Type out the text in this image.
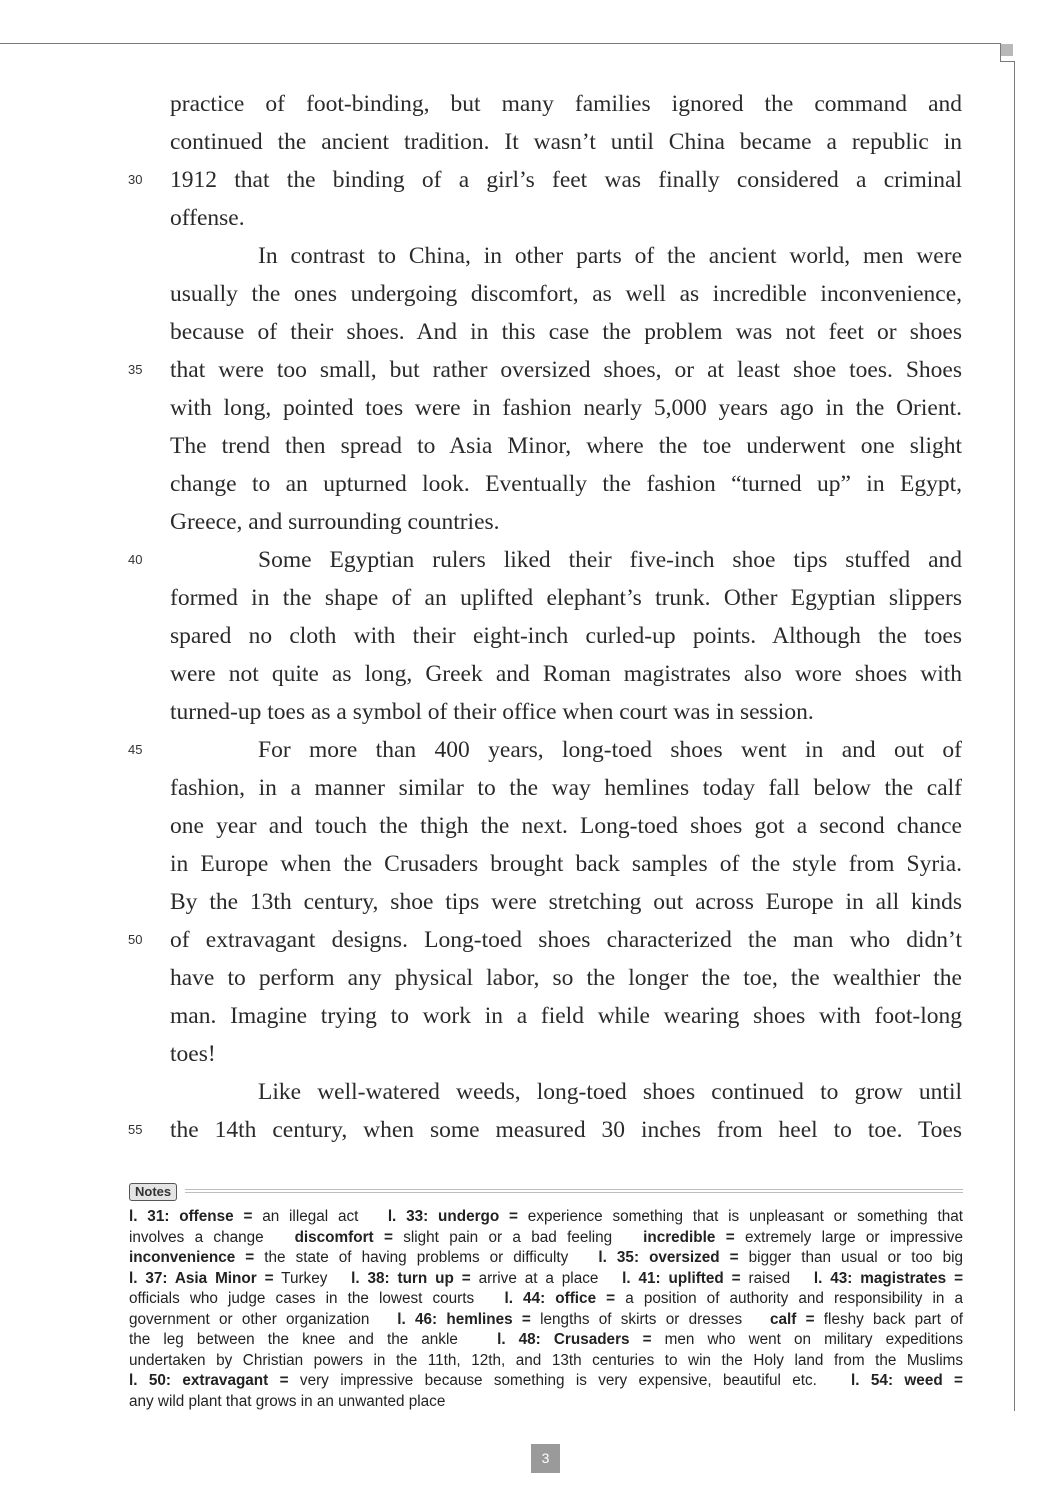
practice of foot-binding, but many families ignored the command and
continued the ancient tradition. It wasn’t until China became a republic in
30 1912 that the binding of a girl’s feet was finally considered a criminal
offense.
In contrast to China, in other parts of the ancient world, men were
usually the ones undergoing discomfort, as well as incredible inconvenience,
because of their shoes. And in this case the problem was not feet or shoes
35 that were too small, but rather oversized shoes, or at least shoe toes. Shoes
with long, pointed toes were in fashion nearly 5,000 years ago in the Orient.
The trend then spread to Asia Minor, where the toe underwent one slight
change to an upturned look. Eventually the fashion “turned up” in Egypt,
Greece, and surrounding countries.
40	Some Egyptian rulers liked their five-inch shoe tips stuffed and
formed in the shape of an uplifted elephant’s trunk. Other Egyptian slippers
spared no cloth with their eight-inch curled-up points. Although the toes
were not quite as long, Greek and Roman magistrates also wore shoes with
turned-up toes as a symbol of their office when court was in session.
45	For more than 400 years, long-toed shoes went in and out of
fashion, in a manner similar to the way hemlines today fall below the calf
one year and touch the thigh the next. Long-toed shoes got a second chance
in Europe when the Crusaders brought back samples of the style from Syria.
By the 13th century, shoe tips were stretching out across Europe in all kinds
50 of extravagant designs. Long-toed shoes characterized the man who didn’t
have to perform any physical labor, so the longer the toe, the wealthier the
man. Imagine trying to work in a field while wearing shoes with foot-long
toes!
Like well-watered weeds, long-toed shoes continued to grow until
55 the 14th century, when some measured 30 inches from heel to toe. Toes
Notes
l. 31: offense = an illegal act   l. 33: undergo = experience something that is unpleasant or something that
involves a change   discomfort = slight pain or a bad feeling   incredible = extremely large or impressive
inconvenience = the state of having problems or difficulty   l. 35: oversized = bigger than usual or too big
l. 37: Asia Minor = Turkey   l. 38: turn up = arrive at a place   l. 41: uplifted = raised   l. 43: magistrates =
officials who judge cases in the lowest courts   l. 44: office = a position of authority and responsibility in a
government or other organization   l. 46: hemlines = lengths of skirts or dresses   calf = fleshy back part of
the leg between the knee and the ankle   l. 48: Crusaders = men who went on military expeditions
undertaken by Christian powers in the 11th, 12th, and 13th centuries to win the Holy land from the Muslims
l. 50: extravagant = very impressive because something is very expensive, beautiful etc.   l. 54: weed =
any wild plant that grows in an unwanted place
3
